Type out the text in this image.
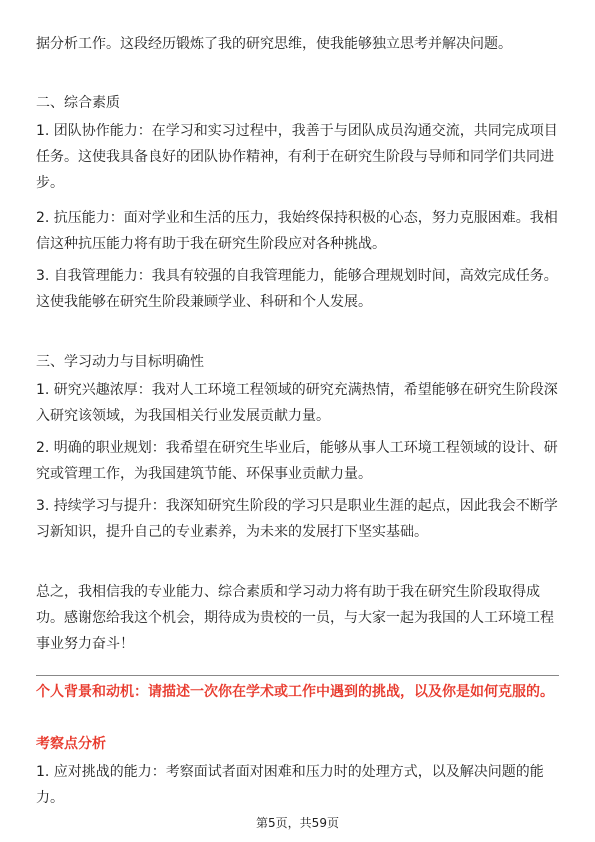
据分析工作。这段经历锻炼了我的研究思维，使我能够独立思考并解决问题。

二、综合素质

1. 团队协作能力：在学习和实习过程中，我善于与团队成员沟通交流，共同完成项目任务。这使我具备良好的团队协作精神，有利于在研究生阶段与导师和同学们共同进步。

2. 抗压能力：面对学业和生活的压力，我始终保持积极的心态，努力克服困难。我相信这种抗压能力将有助于我在研究生阶段应对各种挑战。

3. 自我管理能力：我具有较强的自我管理能力，能够合理规划时间，高效完成任务。这使我能够在研究生阶段兼顾学业、科研和个人发展。

三、学习动力与目标明确性

1. 研究兴趣浓厚：我对人工环境工程领域的研究充满热情，希望能够在研究生阶段深入研究该领域，为我国相关行业发展贡献力量。

2. 明确的职业规划：我希望在研究生毕业后，能够从事人工环境工程领域的设计、研究或管理工作，为我国建筑节能、环保事业贡献力量。

3. 持续学习与提升：我深知研究生阶段的学习只是职业生涯的起点，因此我会不断学习新知识，提升自己的专业素养，为未来的发展打下坚实基础。

总之，我相信我的专业能力、综合素质和学习动力将有助于我在研究生阶段取得成功。感谢您给我这个机会，期待成为贵校的一员，与大家一起为我国的人工环境工程事业努力奋斗！

个人背景和动机：请描述一次你在学术或工作中遇到的挑战，以及你是如何克服的。

考察点分析

1. 应对挑战的能力：考察面试者面对困难和压力时的处理方式，以及解决问题的能力。

第5页，共59页
